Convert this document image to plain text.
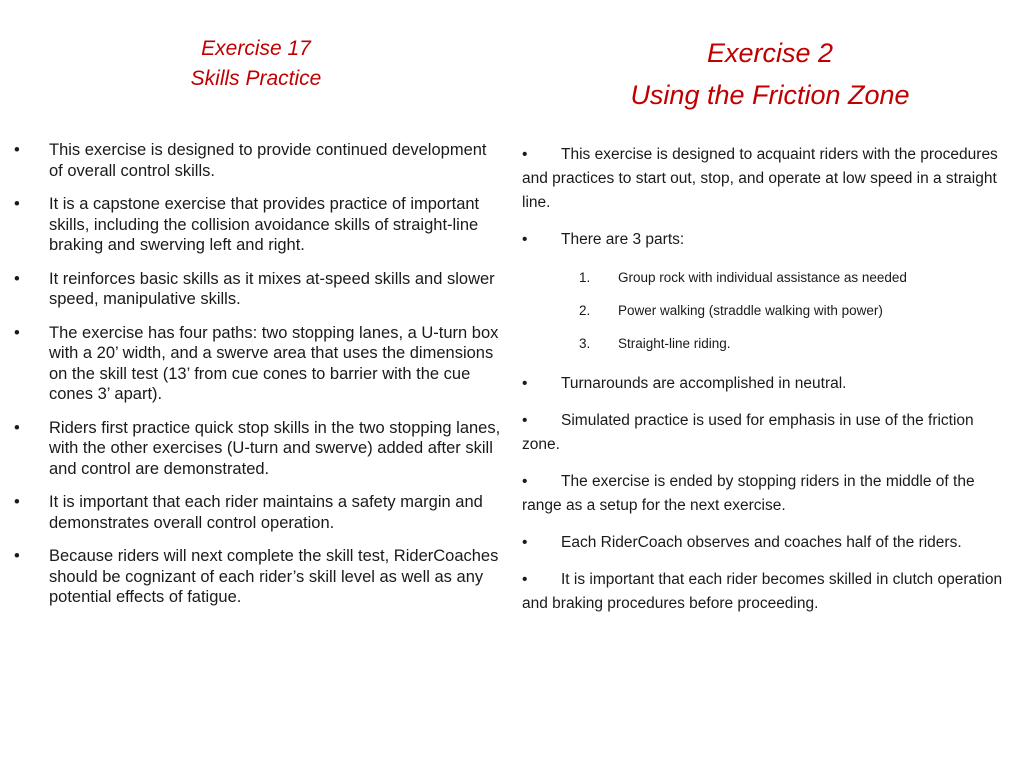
Exercise 17
Skills Practice
Exercise 2
Using the Friction Zone
• This exercise is designed to provide continued development of overall control skills.
• It is a capstone exercise that provides practice of important skills, including the collision avoidance skills of straight-line braking and swerving left and right.
• It reinforces basic skills as it mixes at-speed skills and slower speed, manipulative skills.
• The exercise has four paths: two stopping lanes, a U-turn box with a 20’ width, and a swerve area that uses the dimensions on the skill test (13’ from cue cones to barrier with the cue cones 3’ apart).
• Riders first practice quick stop skills in the two stopping lanes, with the other exercises (U-turn and swerve) added after skill and control are demonstrated.
• It is important that each rider maintains a safety margin and demonstrates overall control operation.
• Because riders will next complete the skill test, RiderCoaches should be cognizant of each rider’s skill level as well as any potential effects of fatigue.

• This exercise is designed to acquaint riders with the procedures and practices to start out, stop, and operate at low speed in a straight line.

• There are 3 parts:

1. Group rock with individual assistance as needed
2. Power walking (straddle walking with power)
3. Straight-line riding.

• Turnarounds are accomplished in neutral.

• Simulated practice is used for emphasis in use of the friction zone.

• The exercise is ended by stopping riders in the middle of the range as a setup for the next exercise.

• Each RiderCoach observes and coaches half of the riders.

• It is important that each rider becomes skilled in clutch operation and braking procedures before proceeding.
